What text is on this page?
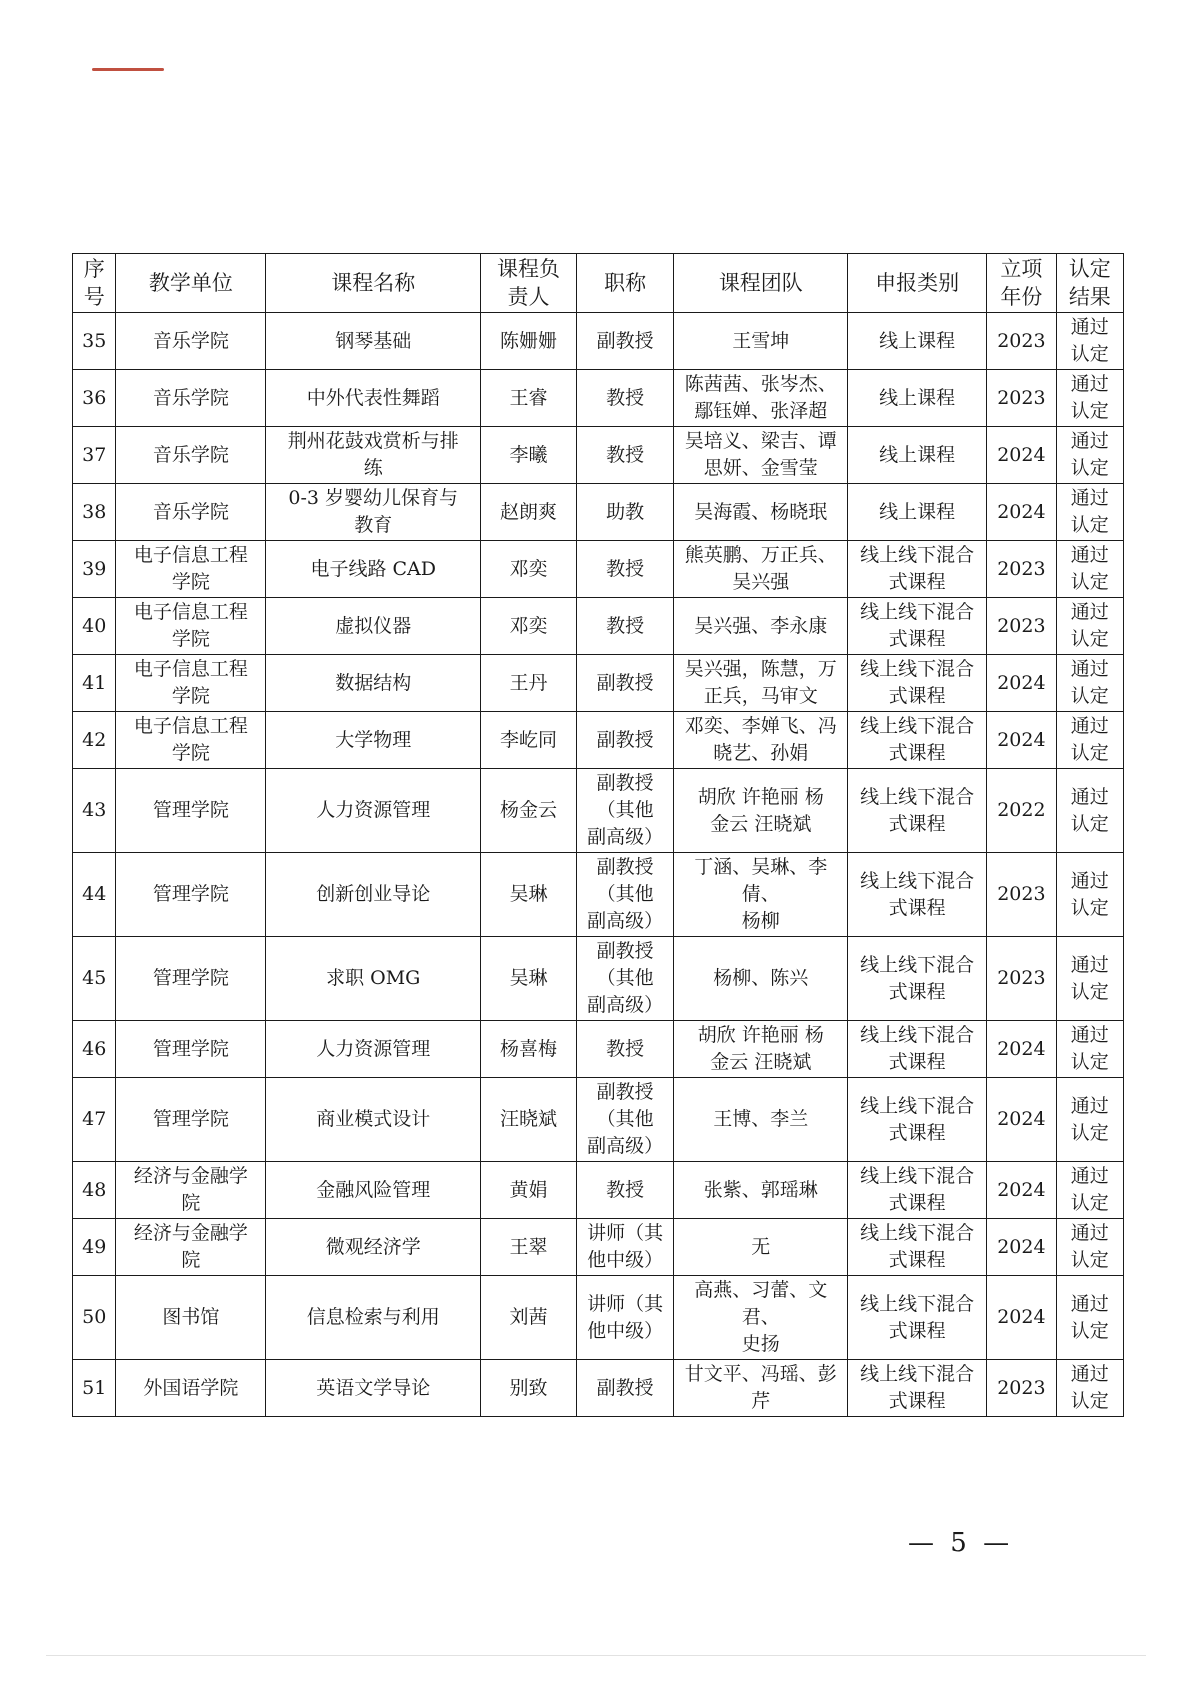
序
号	教学单位	课程名称	课程负
责人	职称	课程团队	申报类别	立项
年份	认定
结果
35	音乐学院	钢琴基础	陈姗姗	副教授	王雪坤	线上课程	2023	通过
认定
36	音乐学院	中外代表性舞蹈	王睿	教授	陈茜茜、张岑杰、
鄢钰婵、张泽超	线上课程	2023	通过
认定
37	音乐学院	荆州花鼓戏赏析与排
练	李曦	教授	吴培义、梁吉、谭
思妍、金雪莹	线上课程	2024	通过
认定
38	音乐学院	0-3 岁婴幼儿保育与
教育	赵朗爽	助教	吴海霞、杨晓珉	线上课程	2024	通过
认定
39	电子信息工程
学院	电子线路 CAD	邓奕	教授	熊英鹏、万正兵、
吴兴强	线上线下混合
式课程	2023	通过
认定
40	电子信息工程
学院	虚拟仪器	邓奕	教授	吴兴强、李永康	线上线下混合
式课程	2023	通过
认定
41	电子信息工程
学院	数据结构	王丹	副教授	吴兴强，陈慧，万
正兵，马审文	线上线下混合
式课程	2024	通过
认定
42	电子信息工程
学院	大学物理	李屹同	副教授	邓奕、李婵飞、冯
晓艺、孙娟	线上线下混合
式课程	2024	通过
认定
43	管理学院	人力资源管理	杨金云	副教授
（其他
副高级）	胡欣 许艳丽 杨
金云 汪晓斌	线上线下混合
式课程	2022	通过
认定
44	管理学院	创新创业导论	吴琳	副教授
（其他
副高级）	丁涵、吴琳、李倩、
杨柳	线上线下混合
式课程	2023	通过
认定
45	管理学院	求职 OMG	吴琳	副教授
（其他
副高级）	杨柳、陈兴	线上线下混合
式课程	2023	通过
认定
46	管理学院	人力资源管理	杨喜梅	教授	胡欣 许艳丽 杨
金云 汪晓斌	线上线下混合
式课程	2024	通过
认定
47	管理学院	商业模式设计	汪晓斌	副教授
（其他
副高级）	王博、李兰	线上线下混合
式课程	2024	通过
认定
48	经济与金融学
院	金融风险管理	黄娟	教授	张紫、郭瑶琳	线上线下混合
式课程	2024	通过
认定
49	经济与金融学
院	微观经济学	王翠	讲师（其
他中级）	无	线上线下混合
式课程	2024	通过
认定
50	图书馆	信息检索与利用	刘茜	讲师（其
他中级）	高燕、习蕾、文君、
史扬	线上线下混合
式课程	2024	通过
认定
51	外国语学院	英语文学导论	别致	副教授	甘文平、冯瑶、彭
芹	线上线下混合
式课程	2023	通过
认定
— 5 —
